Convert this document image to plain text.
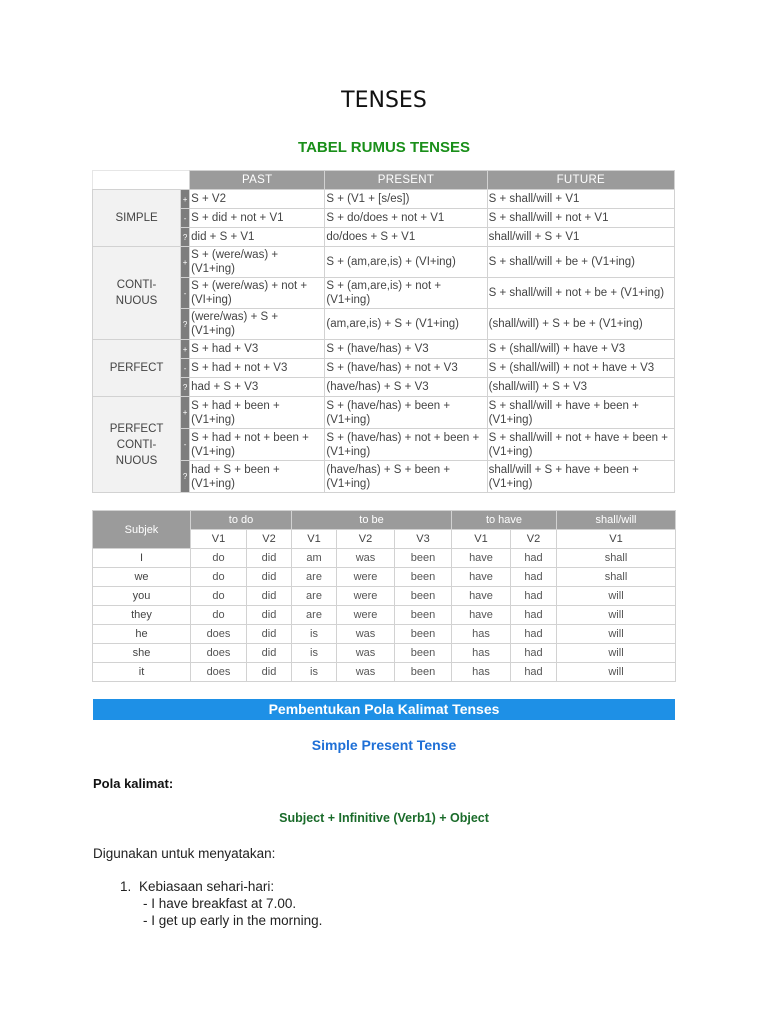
TENSES
TABEL RUMUS TENSES
		PAST	PRESENT	FUTURE
SIMPLE	+	S + V2	S + (V1 + [s/es])	S + shall/will + V1
	-	S + did + not + V1	S + do/does + not + V1	S + shall/will + not + V1
	?	did + S + V1	do/does + S + V1	shall/will + S + V1
CONTI-
NUOUS	+	S + (were/was) + (V1+ing)	S + (am,are,is) + (VI+ing)	S + shall/will + be + (V1+ing)
	-	S + (were/was) + not + (VI+ing)	S + (am,are,is) + not + (V1+ing)	S + shall/will + not + be + (V1+ing)
	?	(were/was) + S + (V1+ing)	(am,are,is) + S + (V1+ing)	(shall/will) + S + be + (V1+ing)
PERFECT	+	S + had + V3	S + (have/has) + V3	S + (shall/will) + have + V3
	-	S + had + not + V3	S + (have/has) + not + V3	S + (shall/will) + not + have + V3
	?	had + S + V3	(have/has) + S + V3	(shall/will) + S + V3
PERFECT
CONTI-
NUOUS	+	S + had + been + (V1+ing)	S + (have/has) + been + (V1+ing)	S + shall/will + have + been + (V1+ing)
	-	S + had + not + been + (V1+ing)	S + (have/has) + not + been + (V1+ing)	S + shall/will + not + have + been + (V1+ing)
	?	had + S + been + (V1+ing)	(have/has) + S + been + (V1+ing)	shall/will + S + have + been + (V1+ing)
Subjek	to do		to be			to have		shall/will
	V1	V2	V1	V2	V3	V1	V2	V1
I	do	did	am	was	been	have	had	shall
we	do	did	are	were	been	have	had	shall
you	do	did	are	were	been	have	had	will
they	do	did	are	were	been	have	had	will
he	does	did	is	was	been	has	had	will
she	does	did	is	was	been	has	had	will
it	does	did	is	was	been	has	had	will
Pembentukan Pola Kalimat Tenses
Simple Present Tense
Pola kalimat:
Subject + Infinitive (Verb1) + Object
Digunakan untuk menyatakan:
1. Kebiasaan sehari-hari:
- I have breakfast at 7.00.
- I get up early in the morning.
